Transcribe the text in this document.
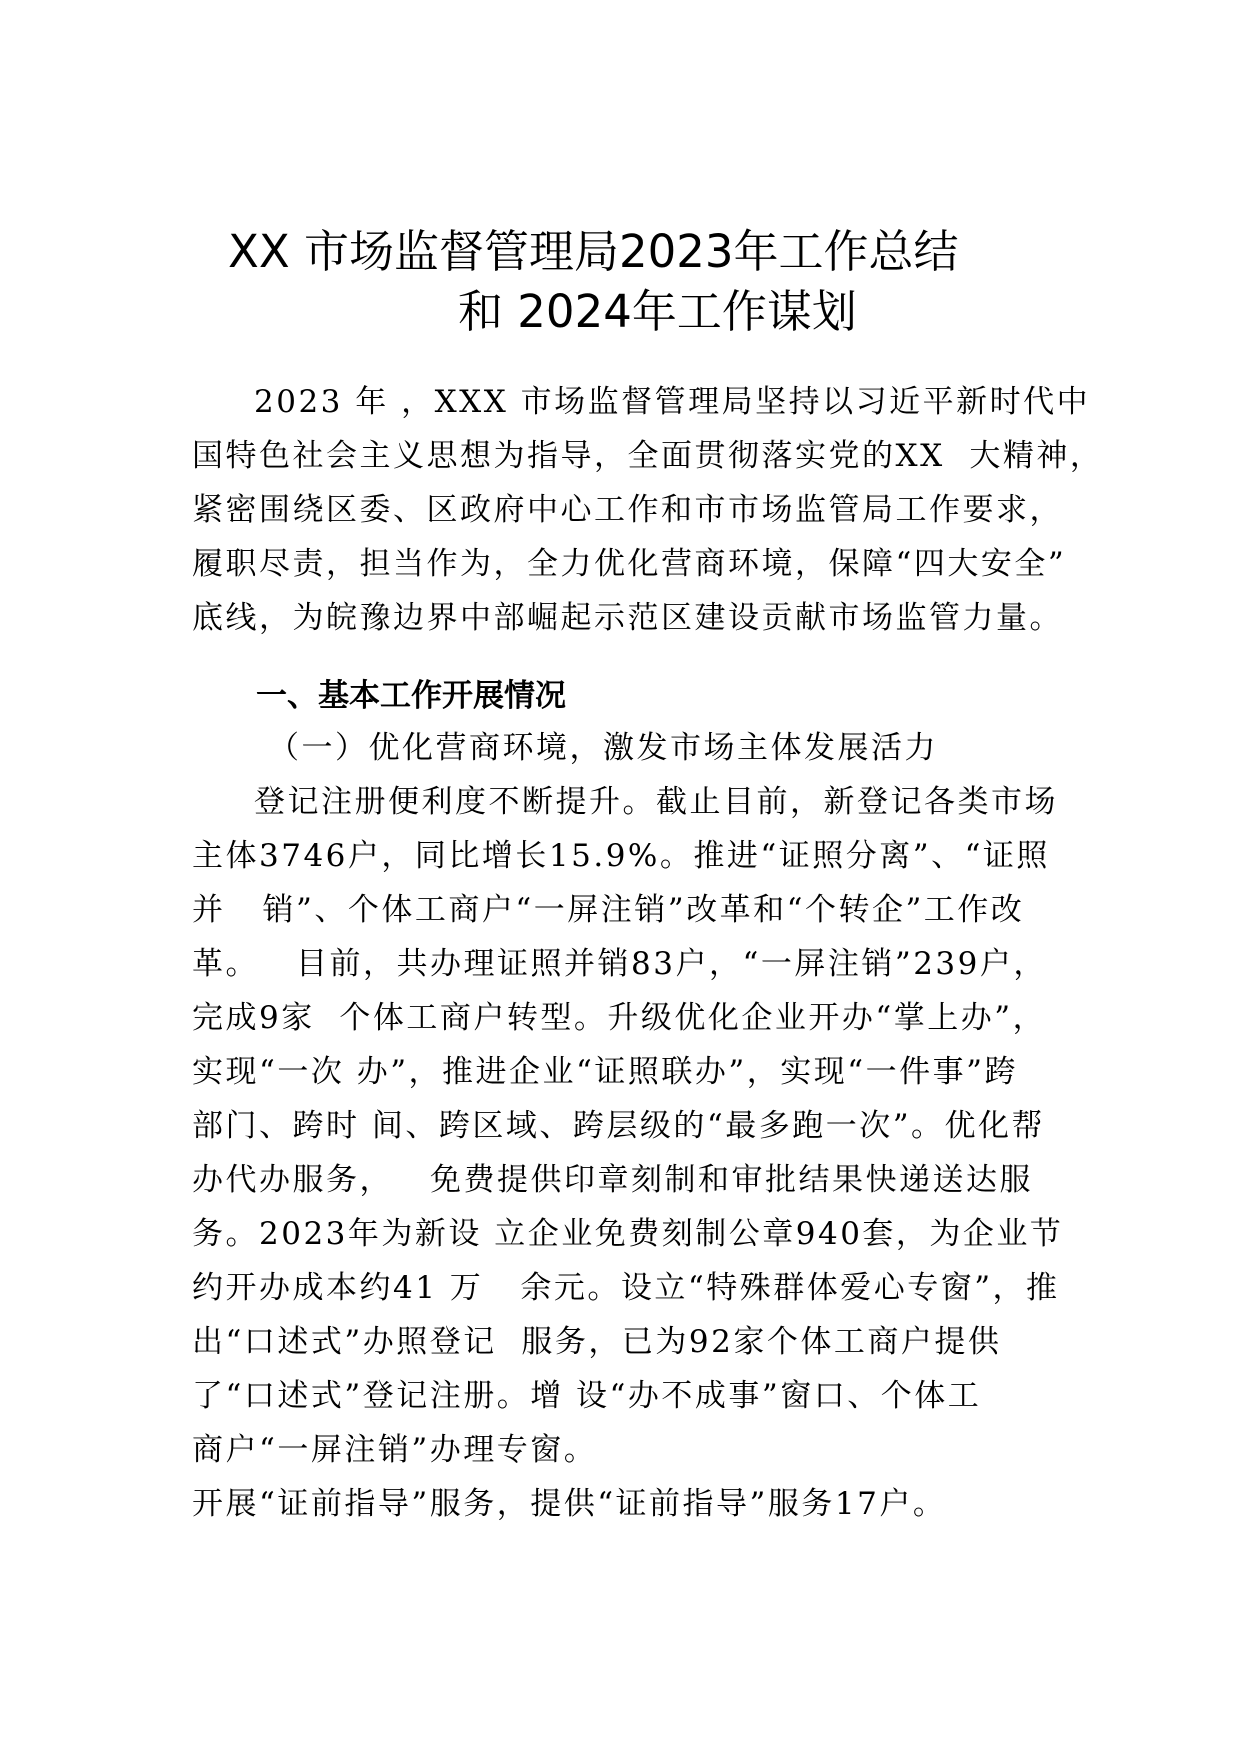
XX 市场监督管理局2023年工作总结
和 2024年工作谋划
2023 年 ，XXX 市场监督管理局坚持以习近平新时代中
国特色社会主义思想为指导，全面贯彻落实党的XX  大精神，
紧密围绕区委、区政府中心工作和市市场监管局工作要求，
履职尽责，担当作为，全力优化营商环境，保障“四大安全”
底线，为皖豫边界中部崛起示范区建设贡献市场监管力量。
一、基本工作开展情况
（一）优化营商环境，激发市场主体发展活力
登记注册便利度不断提升。截止目前，新登记各类市场
主体3746户，同比增长15.9%。推进“证照分离”、“证照
并   销”、个体工商户“一屏注销”改革和“个转企”工作改
革。   目前，共办理证照并销83户，“一屏注销”239户，
完成9家  个体工商户转型。升级优化企业开办“掌上办”，
实现“一次 办”，推进企业“证照联办”，实现“一件事”跨
部门、跨时 间、跨区域、跨层级的“最多跑一次”。优化帮
办代办服务，   免费提供印章刻制和审批结果快递送达服
务。2023年为新设 立企业免费刻制公章940套，为企业节
约开办成本约41 万   余元。设立“特殊群体爱心专窗”，推
出“口述式”办照登记  服务，已为92家个体工商户提供
了“口述式”登记注册。增 设“办不成事”窗口、个体工
商户“一屏注销”办理专窗。
开展“证前指导”服务，提供“证前指导”服务17户。
